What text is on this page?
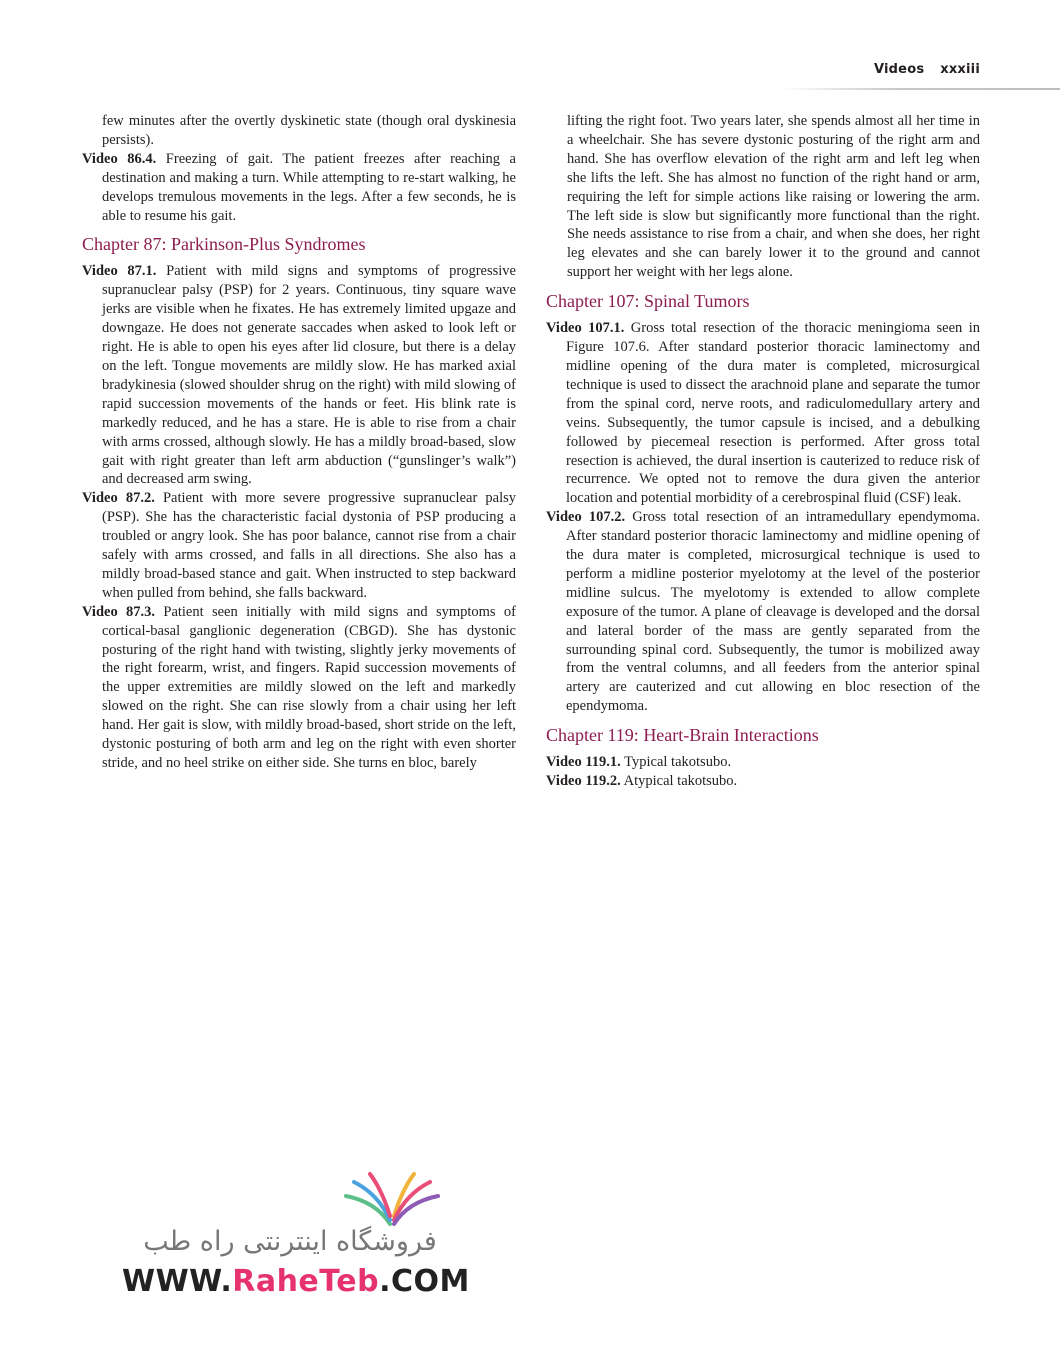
Videos xxxiii

few minutes after the overtly dyskinetic state (though oral dyskinesia persists).

Video 86.4. Freezing of gait. The patient freezes after reaching a destination and making a turn. While attempting to re-start walking, he develops tremulous movements in the legs. After a few seconds, he is able to resume his gait.

Chapter 87: Parkinson-Plus Syndromes

Video 87.1. Patient with mild signs and symptoms of progressive supranuclear palsy (PSP) for 2 years. Continuous, tiny square wave jerks are visible when he fixates. He has extremely limited upgaze and downgaze. He does not generate saccades when asked to look left or right. He is able to open his eyes after lid closure, but there is a delay on the left. Tongue movements are mildly slow. He has marked axial bradykinesia (slowed shoulder shrug on the right) with mild slowing of rapid succession movements of the hands or feet. His blink rate is markedly reduced, and he has a stare. He is able to rise from a chair with arms crossed, although slowly. He has a mildly broad-based, slow gait with right greater than left arm abduction (“gunslinger’s walk”) and decreased arm swing.

Video 87.2. Patient with more severe progressive supranuclear palsy (PSP). She has the characteristic facial dystonia of PSP producing a troubled or angry look. She has poor balance, cannot rise from a chair safely with arms crossed, and falls in all directions. She also has a mildly broad-based stance and gait. When instructed to step backward when pulled from behind, she falls backward.

Video 87.3. Patient seen initially with mild signs and symptoms of cortical-basal ganglionic degeneration (CBGD). She has dystonic posturing of the right hand with twisting, slightly jerky movements of the right forearm, wrist, and fingers. Rapid succession movements of the upper extremities are mildly slowed on the left and markedly slowed on the right. She can rise slowly from a chair using her left hand. Her gait is slow, with mildly broad-based, short stride on the left, dystonic posturing of both arm and leg on the right with even shorter stride, and no heel strike on either side. She turns en bloc, barely

lifting the right foot. Two years later, she spends almost all her time in a wheelchair. She has severe dystonic posturing of the right arm and hand. She has overflow elevation of the right arm and left leg when she lifts the left. She has almost no function of the right hand or arm, requiring the left for simple actions like raising or lowering the arm. The left side is slow but significantly more functional than the right. She needs assistance to rise from a chair, and when she does, her right leg elevates and she can barely lower it to the ground and cannot support her weight with her legs alone.

Chapter 107: Spinal Tumors

Video 107.1. Gross total resection of the thoracic meningioma seen in Figure 107.6. After standard posterior thoracic laminectomy and midline opening of the dura mater is completed, microsurgical technique is used to dissect the arachnoid plane and separate the tumor from the spinal cord, nerve roots, and radiculomedullary artery and veins. Subsequently, the tumor capsule is incised, and a debulking followed by piecemeal resection is performed. After gross total resection is achieved, the dural insertion is cauterized to reduce risk of recurrence. We opted not to remove the dura given the anterior location and potential morbidity of a cerebrospinal fluid (CSF) leak.

Video 107.2. Gross total resection of an intramedullary ependymoma. After standard posterior thoracic laminectomy and midline opening of the dura mater is completed, microsurgical technique is used to perform a midline posterior myelotomy at the level of the posterior midline sulcus. The myelotomy is extended to allow complete exposure of the tumor. A plane of cleavage is developed and the dorsal and lateral border of the mass are gently separated from the surrounding spinal cord. Subsequently, the tumor is mobilized away from the ventral columns, and all feeders from the anterior spinal artery are cauterized and cut allowing en bloc resection of the ependymoma.

Chapter 119: Heart-Brain Interactions

Video 119.1. Typical takotsubo.

Video 119.2. Atypical takotsubo.

فروشگاه اینترنتی راه طب
WWW.RaheTeb.COM
